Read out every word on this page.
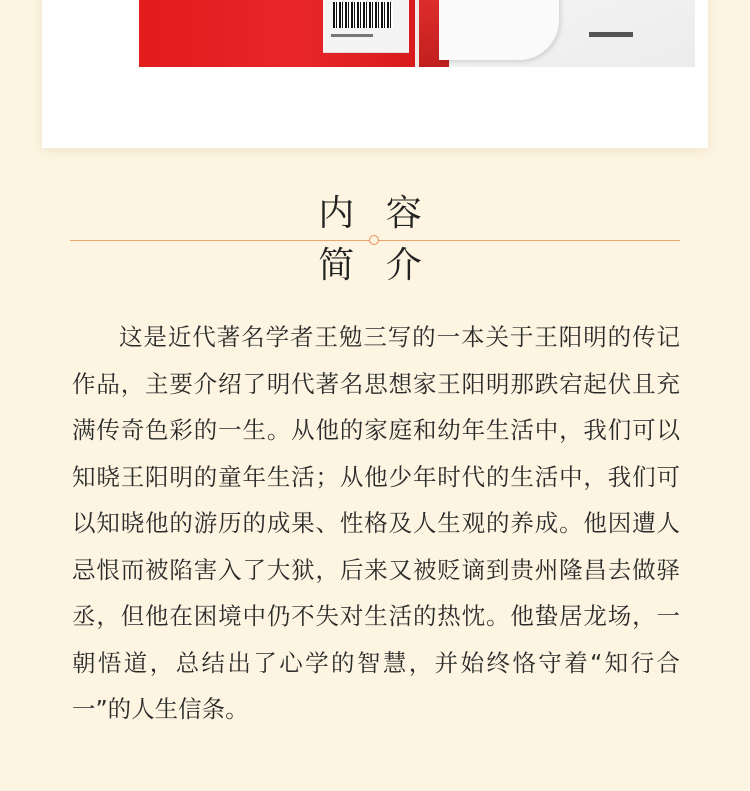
内 容
简 介

这是近代著名学者王勉三写的一本关于王阳明的传记作品，主要介绍了明代著名思想家王阳明那跌宕起伏且充满传奇色彩的一生。从他的家庭和幼年生活中，我们可以知晓王阳明的童年生活；从他少年时代的生活中，我们可以知晓他的游历的成果、性格及人生观的养成。他因遭人忌恨而被陷害入了大狱，后来又被贬谪到贵州隆昌去做驿丞，但他在困境中仍不失对生活的热忱。他蛰居龙场，一朝悟道，总结出了心学的智慧，并始终恪守着“知行合一”的人生信条。
